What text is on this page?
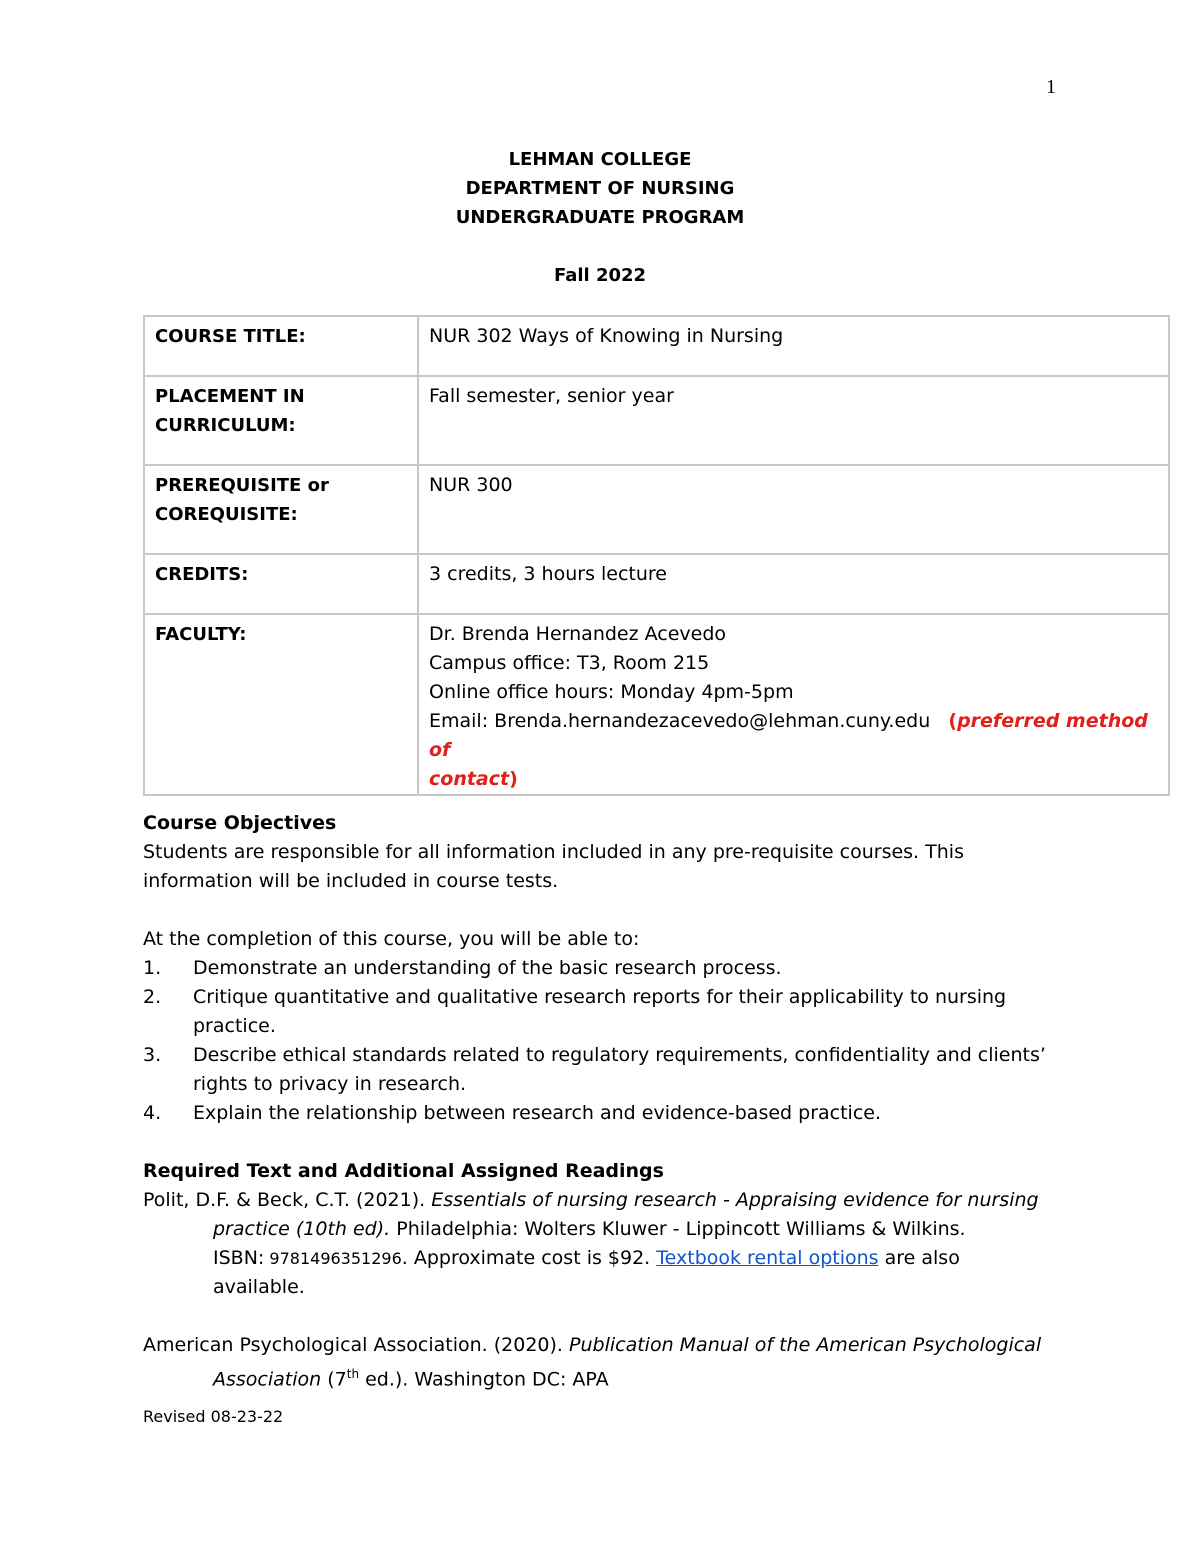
1
LEHMAN COLLEGE
DEPARTMENT OF NURSING
UNDERGRADUATE PROGRAM
Fall 2022
COURSE TITLE:	NUR 302 Ways of Knowing in Nursing

PLACEMENT IN
CURRICULUM:	Fall semester, senior year

PREREQUISITE or
COREQUISITE:	NUR 300
CREDITS:	3 credits, 3 hours lecture
FACULTY:	Dr. Brenda Hernandez Acevedo
Campus office: T3, Room 215
Online office hours: Monday 4pm-5pm
Email: Brenda.hernandezacevedo@lehman.cuny.edu (preferred method of
contact)
Course Objectives
Students are responsible for all information included in any pre-requisite courses. This
information will be included in course tests.
At the completion of this course, you will be able to:
1.	Demonstrate an understanding of the basic research process.
2.	Critique quantitative and qualitative research reports for their applicability to nursing
practice.
3.	Describe ethical standards related to regulatory requirements, confidentiality and clients’
rights to privacy in research.
4.	Explain the relationship between research and evidence-based practice.
Required Text and Additional Assigned Readings
Polit, D.F. & Beck, C.T. (2021). Essentials of nursing research - Appraising evidence for nursing
practice (10th ed). Philadelphia: Wolters Kluwer - Lippincott Williams & Wilkins.
ISBN: 9781496351296. Approximate cost is $92. Textbook rental options are also
available.
American Psychological Association. (2020). Publication Manual of the American Psychological
Association (7th ed.). Washington DC: APA
Revised 08-23-22
